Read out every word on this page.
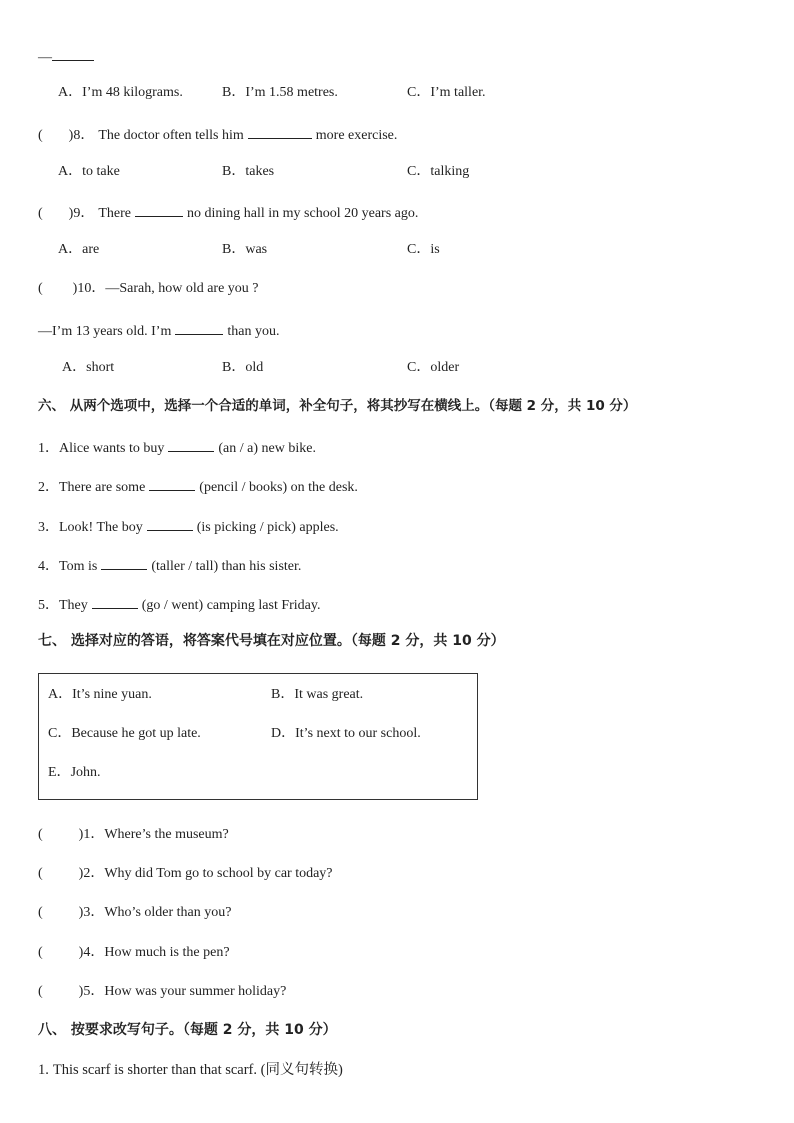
—
A．I’m 48 kilograms.	B．I’m 1.58 metres.	C．I’m taller.
( )8． The doctor often tells him	more exercise.
A．to take	B．takes	C．talking
( )9． There	no dining hall in my school 20 years ago.
A．are	B．was	C．is
( )10．—Sarah, how old are you ?
—I’m 13 years old. I’m	than you.
A．short	B．old	C．older
六、 从两个选项中，选择一个合适的单词，补全句子，将其抄写在横线上。（每题 2 分，共 10 分）
1．Alice wants to buy	(an / a) new bike.
2．There are some	(pencil / books) on the desk.
3．Look! The boy	(is picking / pick) apples.
4．Tom is	(taller / tall) than his sister.
5．They	(go / went) camping last Friday.
七、 选择对应的答语，将答案代号填在对应位置。（每题 2 分，共 10 分）
A．It’s nine yuan.	B．It was great.
C．Because he got up late.	D．It’s next to our school.
E．John.
(	)1．Where’s the museum?
(	)2．Why did Tom go to school by car today?
(	)3．Who’s older than you?
(	)4．How much is the pen?
(	)5．How was your summer holiday?
八、 按要求改写句子。（每题 2 分，共 10 分）
1. This scarf is shorter than that scarf. (同义句转换)
